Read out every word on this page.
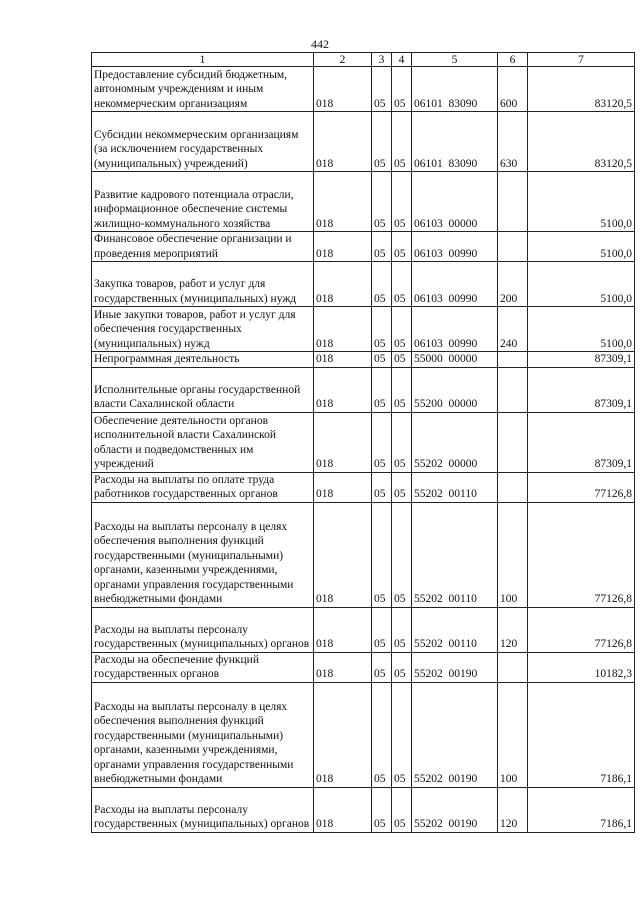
442
1	2	3	4	5	6	7
Предоставление субсидий бюджетным, автономным учреждениям и иным некоммерческим организациям	018	05	05	06101  83090	600	83120,5
Субсидии некоммерческим организациям (за исключением государственных (муниципальных) учреждений)	018	05	05	06101  83090	630	83120,5
Развитие кадрового потенциала отрасли, информационное обеспечение системы жилищно-коммунального хозяйства	018	05	05	06103  00000		5100,0
Финансовое обеспечение организации и проведения мероприятий	018	05	05	06103  00990		5100,0
Закупка товаров, работ и услуг для государственных (муниципальных) нужд	018	05	05	06103  00990	200	5100,0
Иные закупки товаров, работ и услуг для обеспечения государственных (муниципальных) нужд	018	05	05	06103  00990	240	5100,0
Непрограммная деятельность	018	05	05	55000  00000		87309,1
Исполнительные органы государственной власти Сахалинской области	018	05	05	55200  00000		87309,1
Обеспечение деятельности органов исполнительной власти Сахалинской области и подведомственных им учреждений	018	05	05	55202  00000		87309,1
Расходы на выплаты по оплате труда работников государственных органов	018	05	05	55202  00110		77126,8
Расходы на выплаты персоналу в целях обеспечения выполнения функций государственными (муниципальными) органами, казенными учреждениями, органами управления государственными внебюджетными фондами	018	05	05	55202  00110	100	77126,8
Расходы на выплаты персоналу государственных (муниципальных) органов	018	05	05	55202  00110	120	77126,8
Расходы на обеспечение функций государственных органов	018	05	05	55202  00190		10182,3
Расходы на выплаты персоналу в целях обеспечения выполнения функций государственными (муниципальными) органами, казенными учреждениями, органами управления государственными внебюджетными фондами	018	05	05	55202  00190	100	7186,1
Расходы на выплаты персоналу государственных (муниципальных) органов	018	05	05	55202  00190	120	7186,1
